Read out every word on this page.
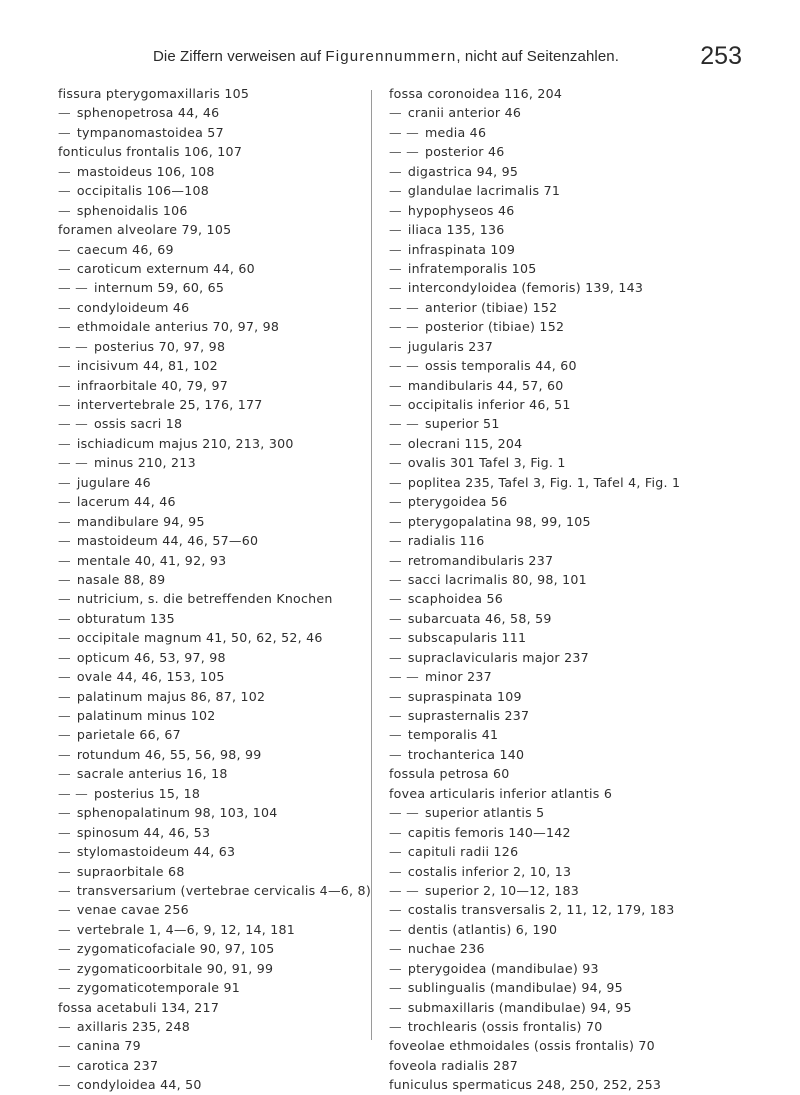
Die Ziffern verweisen auf Figurennummern, nicht auf Seitenzahlen.	253
fissura pterygomaxillaris 105
—sphenopetrosa 44, 46
—tympanomastoidea 57
fonticulus frontalis 106, 107
—mastoideus 106, 108
—occipitalis 106—108
—sphenoidalis 106
foramen alveolare 79, 105
—caecum 46, 69
—caroticum externum 44, 60
— —internum 59, 60, 65
—condyloideum 46
—ethmoidale anterius 70, 97, 98
— —posterius 70, 97, 98
—incisivum 44, 81, 102
—infraorbitale 40, 79, 97
—intervertebrale 25, 176, 177
— —ossis sacri 18
—ischiadicum majus 210, 213, 300
— —minus 210, 213
—jugulare 46
—lacerum 44, 46
—mandibulare 94, 95
—mastoideum 44, 46, 57—60
—mentale 40, 41, 92, 93
—nasale 88, 89
—nutricium, s. die betreffenden Knochen
—obturatum 135
—occipitale magnum 41, 50, 62, 52, 46
—opticum 46, 53, 97, 98
—ovale 44, 46, 153, 105
—palatinum majus 86, 87, 102
—palatinum minus 102
—parietale 66, 67
—rotundum 46, 55, 56, 98, 99
—sacrale anterius 16, 18
— —posterius 15, 18
—sphenopalatinum 98, 103, 104
—spinosum 44, 46, 53
—stylomastoideum 44, 63
—supraorbitale 68
—transversarium (vertebrae cervicalis 4—6, 8)
—venae cavae 256
—vertebrale 1, 4—6, 9, 12, 14, 181
—zygomaticofaciale 90, 97, 105
—zygomaticoorbitale 90, 91, 99
—zygomaticotemporale 91
fossa acetabuli 134, 217
—axillaris 235, 248
—canina 79
—carotica 237
—condyloidea 44, 50
fossa coronoidea 116, 204
—cranii anterior 46
— —media 46
— —posterior 46
—digastrica 94, 95
—glandulae lacrimalis 71
—hypophyseos 46
—iliaca 135, 136
—infraspinata 109
—infratemporalis 105
—intercondyloidea (femoris) 139, 143
— —anterior (tibiae) 152
— —posterior (tibiae) 152
—jugularis 237
— —ossis temporalis 44, 60
—mandibularis 44, 57, 60
—occipitalis inferior 46, 51
— —superior 51
—olecrani 115, 204
—ovalis 301 Tafel 3, Fig. 1
—poplitea 235, Tafel 3, Fig. 1, Tafel 4, Fig. 1
—pterygoidea 56
—pterygopalatina 98, 99, 105
—radialis 116
—retromandibularis 237
—sacci lacrimalis 80, 98, 101
—scaphoidea 56
—subarcuata 46, 58, 59
—subscapularis 111
—supraclavicularis major 237
— —minor 237
—supraspinata 109
—suprasternalis 237
—temporalis 41
—trochanterica 140
fossula petrosa 60
fovea articularis inferior atlantis 6
— —superior atlantis 5
—capitis femoris 140—142
—capituli radii 126
—costalis inferior 2, 10, 13
— —superior 2, 10—12, 183
—costalis transversalis 2, 11, 12, 179, 183
—dentis (atlantis) 6, 190
—nuchae 236
—pterygoidea (mandibulae) 93
—sublingualis (mandibulae) 94, 95
—submaxillaris (mandibulae) 94, 95
—trochlearis (ossis frontalis) 70
foveolae ethmoidales (ossis frontalis) 70
foveola radialis 287
funiculus spermaticus 248, 250, 252, 253
